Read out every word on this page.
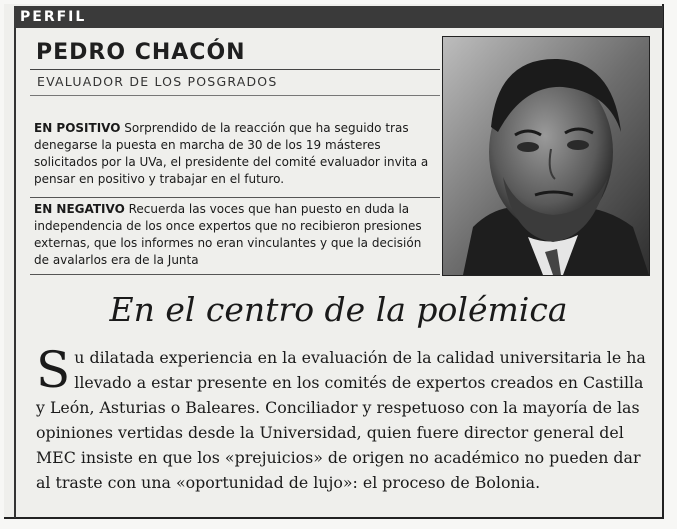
PERFIL
PEDRO CHACÓN
EVALUADOR DE LOS POSGRADOS

EN POSITIVO Sorprendido de la reacción que ha seguido tras denegarse la puesta en marcha de 30 de los 19 másteres solicitados por la UVa, el presidente del comité evaluador invita a pensar en positivo y trabajar en el futuro.

EN NEGATIVO Recuerda las voces que han puesto en duda la independencia de los once expertos que no recibieron presiones externas, que los informes no eran vinculantes y que la decisión de avalarlos era de la Junta

En el centro de la polémica

Su dilatada experiencia en la evaluación de la calidad universitaria le ha llevado a estar presente en los comités de expertos creados en Castilla y León, Asturias o Baleares. Conciliador y respetuoso con la mayoría de las opiniones vertidas desde la Universidad, quien fuere director general del MEC insiste en que los «prejuicios» de origen no académico no pueden dar al traste con una «oportunidad de lujo»: el proceso de Bolonia.
